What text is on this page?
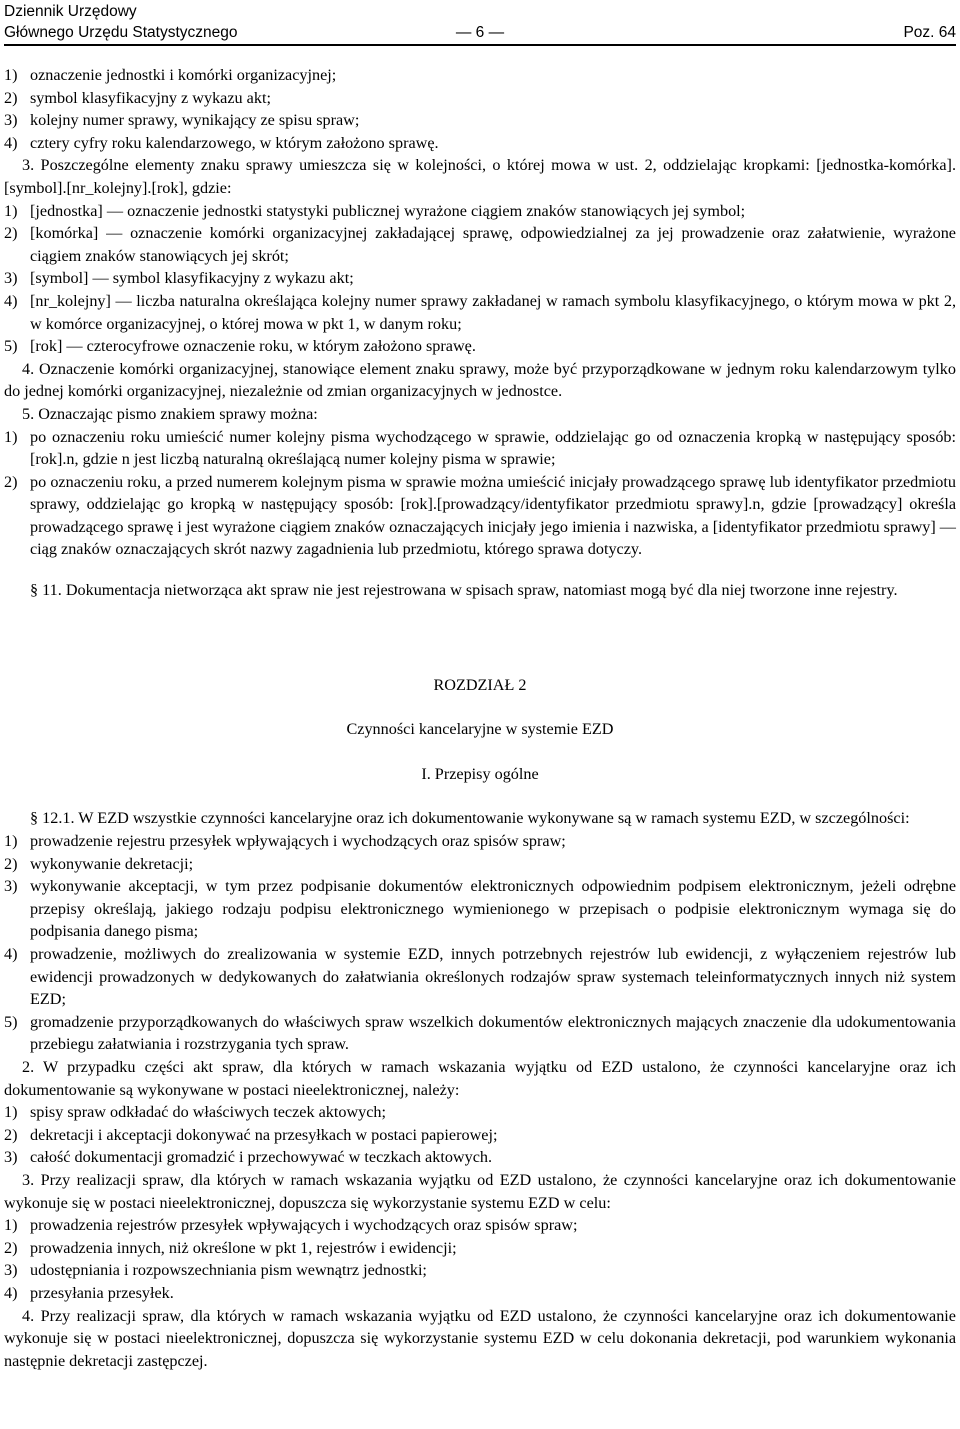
Dziennik Urzędowy
Głównego Urzędu Statystycznego	— 6 —	Poz. 64

1) oznaczenie jednostki i komórki organizacyjnej;

2) symbol klasyfikacyjny z wykazu akt;

3) kolejny numer sprawy, wynikający ze spisu spraw;

4) cztery cyfry roku kalendarzowego, w którym założono sprawę.

3. Poszczególne elementy znaku sprawy umieszcza się w kolejności, o której mowa w ust. 2, oddzielając kropkami: [jednostka-komórka].[symbol].[nr_kolejny].[rok], gdzie:

1) [jednostka] — oznaczenie jednostki statystyki publicznej wyrażone ciągiem znaków stanowiących jej symbol;

2) [komórka] — oznaczenie komórki organizacyjnej zakładającej sprawę, odpowiedzialnej za jej prowadzenie oraz załatwienie, wyrażone ciągiem znaków stanowiących jej skrót;

3) [symbol] — symbol klasyfikacyjny z wykazu akt;

4) [nr_kolejny] — liczba naturalna określająca kolejny numer sprawy zakładanej w ramach symbolu klasyfikacyjnego, o którym mowa w pkt 2, w komórce organizacyjnej, o której mowa w pkt 1, w danym roku;

5) [rok] — czterocyfrowe oznaczenie roku, w którym założono sprawę.

4. Oznaczenie komórki organizacyjnej, stanowiące element znaku sprawy, może być przyporządkowane w jednym roku kalendarzowym tylko do jednej komórki organizacyjnej, niezależnie od zmian organizacyjnych w jednostce.

5. Oznaczając pismo znakiem sprawy można:

1) po oznaczeniu roku umieścić numer kolejny pisma wychodzącego w sprawie, oddzielając go od oznaczenia kropką w następujący sposób: [rok].n, gdzie n jest liczbą naturalną określającą numer kolejny pisma w sprawie;

2) po oznaczeniu roku, a przed numerem kolejnym pisma w sprawie można umieścić inicjały prowadzącego sprawę lub identyfikator przedmiotu sprawy, oddzielając go kropką w następujący sposób: [rok].[prowadzący/identyfikator przedmiotu sprawy].n, gdzie [prowadzący] określa prowadzącego sprawę i jest wyrażone ciągiem znaków oznaczających inicjały jego imienia i nazwiska, a [identyfikator przedmiotu sprawy] — ciąg znaków oznaczających skrót nazwy zagadnienia lub przedmiotu, którego sprawa dotyczy.

§ 11. Dokumentacja nietworząca akt spraw nie jest rejestrowana w spisach spraw, natomiast mogą być dla niej tworzone inne rejestry.

ROZDZIAŁ 2

Czynności kancelaryjne w systemie EZD

I. Przepisy ogólne

§ 12.1. W EZD wszystkie czynności kancelaryjne oraz ich dokumentowanie wykonywane są w ramach systemu EZD, w szczególności:

1) prowadzenie rejestru przesyłek wpływających i wychodzących oraz spisów spraw;

2) wykonywanie dekretacji;

3) wykonywanie akceptacji, w tym przez podpisanie dokumentów elektronicznych odpowiednim podpisem elektronicznym, jeżeli odrębne przepisy określają, jakiego rodzaju podpisu elektronicznego wymienionego w przepisach o podpisie elektronicznym wymaga się do podpisania danego pisma;

4) prowadzenie, możliwych do zrealizowania w systemie EZD, innych potrzebnych rejestrów lub ewidencji, z wyłączeniem rejestrów lub ewidencji prowadzonych w dedykowanych do załatwiania określonych rodzajów spraw systemach teleinformatycznych innych niż system EZD;

5) gromadzenie przyporządkowanych do właściwych spraw wszelkich dokumentów elektronicznych mających znaczenie dla udokumentowania przebiegu załatwiania i rozstrzygania tych spraw.

2. W przypadku części akt spraw, dla których w ramach wskazania wyjątku od EZD ustalono, że czynności kancelaryjne oraz ich dokumentowanie są wykonywane w postaci nieelektronicznej, należy:

1) spisy spraw odkładać do właściwych teczek aktowych;

2) dekretacji i akceptacji dokonywać na przesyłkach w postaci papierowej;

3) całość dokumentacji gromadzić i przechowywać w teczkach aktowych.

3. Przy realizacji spraw, dla których w ramach wskazania wyjątku od EZD ustalono, że czynności kancelaryjne oraz ich dokumentowanie wykonuje się w postaci nieelektronicznej, dopuszcza się wykorzystanie systemu EZD w celu:

1) prowadzenia rejestrów przesyłek wpływających i wychodzących oraz spisów spraw;

2) prowadzenia innych, niż określone w pkt 1, rejestrów i ewidencji;

3) udostępniania i rozpowszechniania pism wewnątrz jednostki;

4) przesyłania przesyłek.

4. Przy realizacji spraw, dla których w ramach wskazania wyjątku od EZD ustalono, że czynności kancelaryjne oraz ich dokumentowanie wykonuje się w postaci nieelektronicznej, dopuszcza się wykorzystanie systemu EZD w celu dokonania dekretacji, pod warunkiem wykonania następnie dekretacji zastępczej.
